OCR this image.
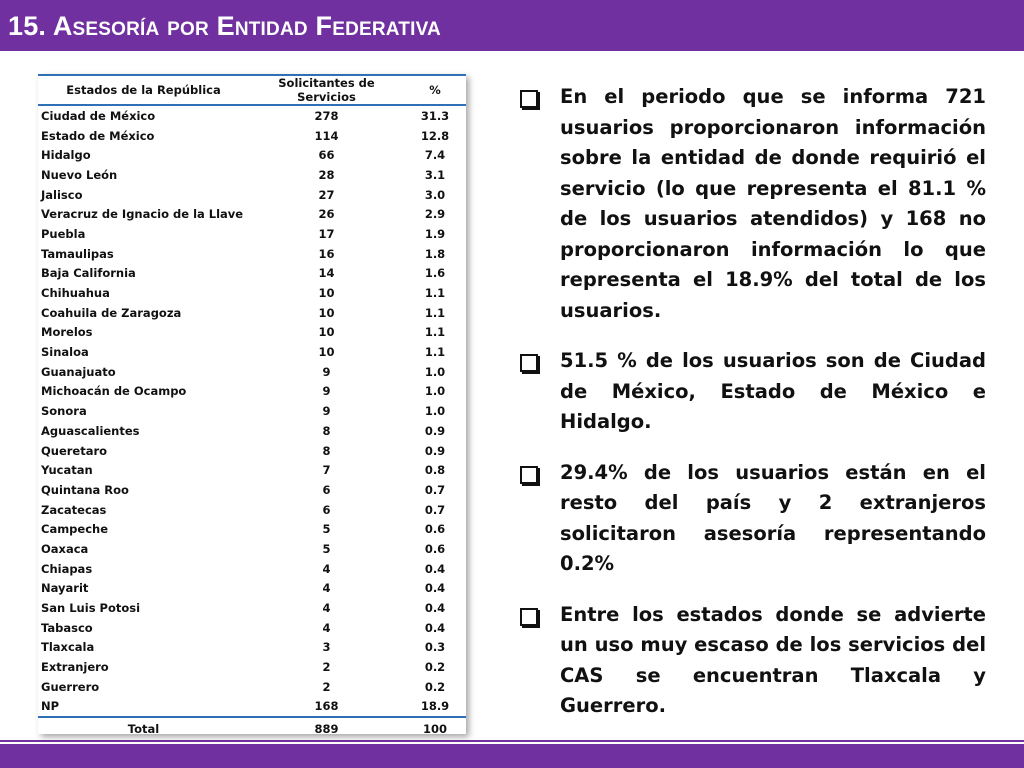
15. Asesoría por Entidad Federativa
Estados de la República	Solicitantes de Servicios	%
Ciudad de México	278	31.3
Estado de México	114	12.8
Hidalgo	66	7.4
Nuevo León	28	3.1
Jalisco	27	3.0
Veracruz de Ignacio de la Llave	26	2.9
Puebla	17	1.9
Tamaulipas	16	1.8
Baja California	14	1.6
Chihuahua	10	1.1
Coahuila de Zaragoza	10	1.1
Morelos	10	1.1
Sinaloa	10	1.1
Guanajuato	9	1.0
Michoacán de Ocampo	9	1.0
Sonora	9	1.0
Aguascalientes	8	0.9
Queretaro	8	0.9
Yucatan	7	0.8
Quintana Roo	6	0.7
Zacatecas	6	0.7
Campeche	5	0.6
Oaxaca	5	0.6
Chiapas	4	0.4
Nayarit	4	0.4
San Luis Potosi	4	0.4
Tabasco	4	0.4
Tlaxcala	3	0.3
Extranjero	2	0.2
Guerrero	2	0.2
NP	168	18.9
Total	889	100
En el periodo que se informa 721 usuarios proporcionaron información sobre la entidad de donde requirió el servicio (lo que representa el 81.1 % de los usuarios atendidos) y 168 no proporcionaron información lo que representa el 18.9% del total de los usuarios.
51.5 % de los usuarios son de Ciudad de México, Estado de México e Hidalgo.
29.4% de los usuarios están en el resto del país y 2 extranjeros solicitaron asesoría representando 0.2%
Entre los estados donde se advierte un uso muy escaso de los servicios del CAS se encuentran Tlaxcala y Guerrero.
